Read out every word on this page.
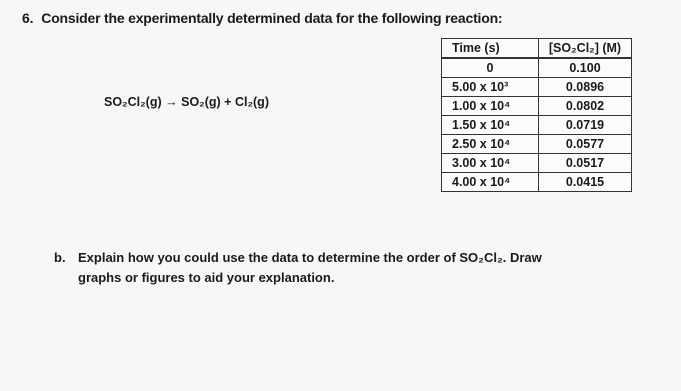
6. Consider the experimentally determined data for the following reaction:
SO₂Cl₂(g) → SO₂(g) + Cl₂(g)
Time (s)	[SO₂Cl₂] (M)
0	0.100
5.00 x 10³	0.0896
1.00 x 10⁴	0.0802
1.50 x 10⁴	0.0719
2.50 x 10⁴	0.0577
3.00 x 10⁴	0.0517
4.00 x 10⁴	0.0415
b. Explain how you could use the data to determine the order of SO₂Cl₂. Draw
graphs or figures to aid your explanation.
